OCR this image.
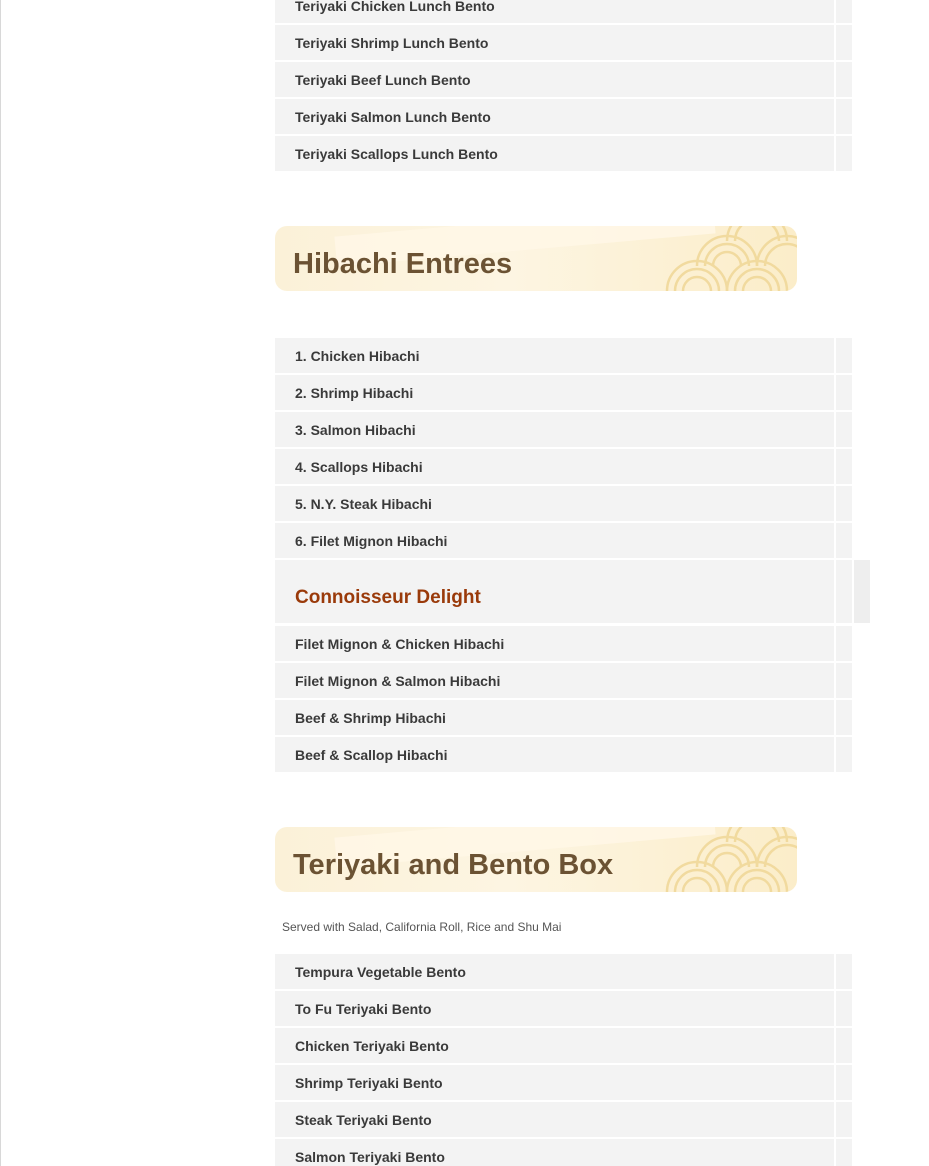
Teriyaki Chicken Lunch Bento
Teriyaki Shrimp Lunch Bento
Teriyaki Beef Lunch Bento
Teriyaki Salmon Lunch Bento
Teriyaki Scallops Lunch Bento
Hibachi Entrees
1. Chicken Hibachi
2. Shrimp Hibachi
3. Salmon Hibachi
4. Scallops Hibachi
5. N.Y. Steak Hibachi
6. Filet Mignon Hibachi
Connoisseur Delight
Filet Mignon & Chicken Hibachi
Filet Mignon & Salmon Hibachi
Beef & Shrimp Hibachi
Beef & Scallop Hibachi
Teriyaki and Bento Box
Served with Salad, California Roll, Rice and Shu Mai
Tempura Vegetable Bento
To Fu Teriyaki Bento
Chicken Teriyaki Bento
Shrimp Teriyaki Bento
Steak Teriyaki Bento
Salmon Teriyaki Bento
